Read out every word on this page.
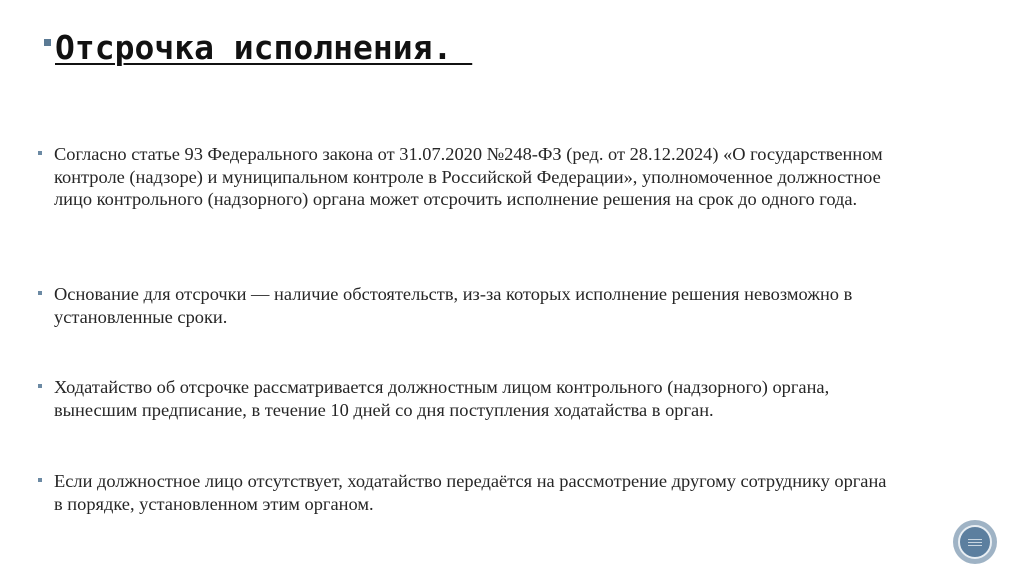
Отсрочка исполнения.

Согласно статье 93 Федерального закона от 31.07.2020 №248-ФЗ (ред. от 28.12.2024) «О государственном контроле (надзоре) и муниципальном контроле в Российской Федерации», уполномоченное должностное лицо контрольного (надзорного) органа может отсрочить исполнение решения на срок до одного года.

Основание для отсрочки — наличие обстоятельств, из-за которых исполнение решения невозможно в установленные сроки.

Ходатайство об отсрочке рассматривается должностным лицом контрольного (надзорного) органа, вынесшим предписание, в течение 10 дней со дня поступления ходатайства в орган.

Если должностное лицо отсутствует, ходатайство передаётся на рассмотрение другому сотруднику органа в порядке, установленном этим органом.
